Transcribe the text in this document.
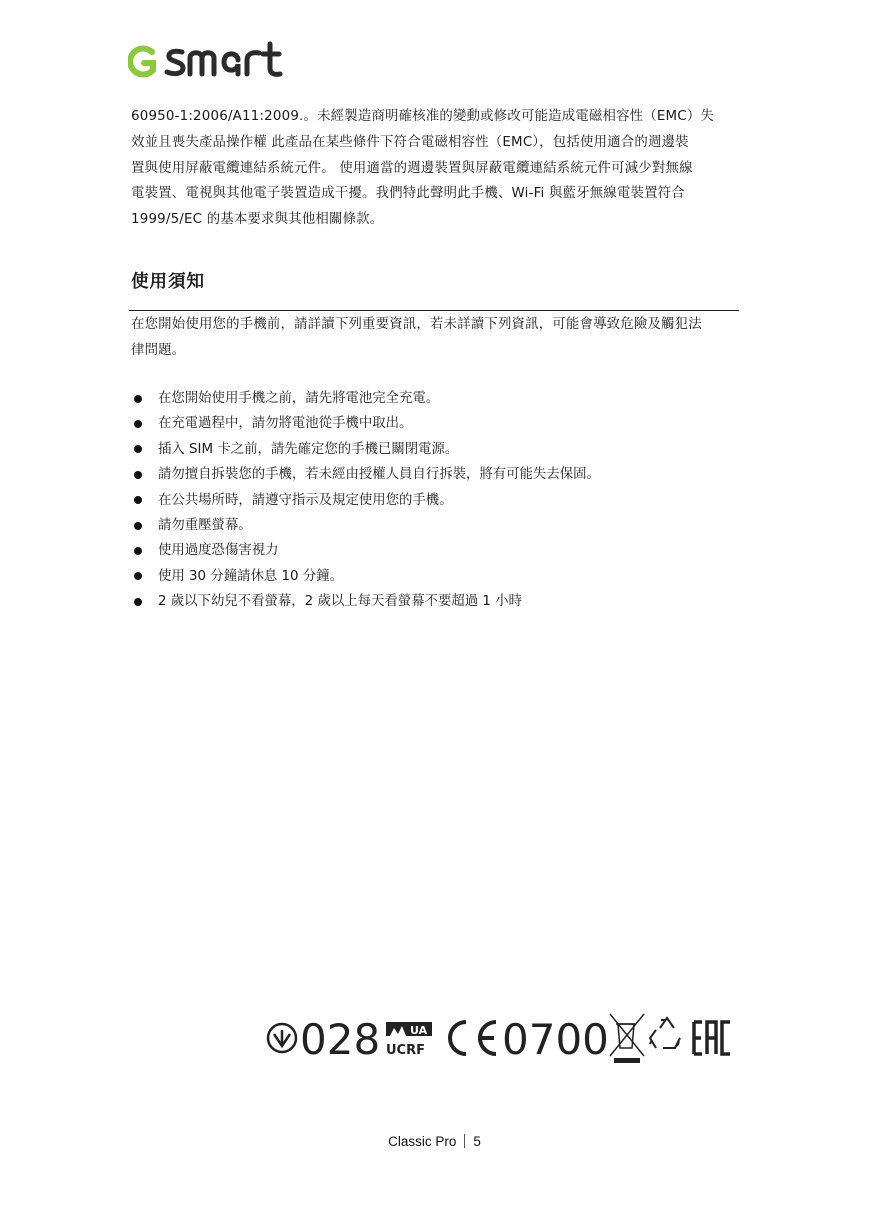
60950-1:2006/A11:2009.。未經製造商明確核准的變動或修改可能造成電磁相容性（EMC）失
效並且喪失產品操作權 此產品在某些條件下符合電磁相容性（EMC），包括使用適合的週邊裝
置與使用屏蔽電纜連結系統元件。 使用適當的週邊裝置與屏蔽電纜連結系統元件可減少對無線
電裝置、電視與其他電子裝置造成干擾。我們特此聲明此手機、Wi-Fi 與藍牙無線電裝置符合
1999/5/EC 的基本要求與其他相關條款。
使用須知
在您開始使用您的手機前，請詳讀下列重要資訊，若未詳讀下列資訊，可能會導致危險及觸犯法
律問題。
在您開始使用手機之前，請先將電池完全充電。
在充電過程中，請勿將電池從手機中取出。
插入 SIM 卡之前，請先確定您的手機已關閉電源。
請勿擅自拆裝您的手機，若未經由授權人員自行拆裝，將有可能失去保固。
在公共場所時，請遵守指示及規定使用您的手機。
請勿重壓螢幕。
使用過度恐傷害視力
使用 30 分鐘請休息 10 分鐘。
2 歲以下幼兒不看螢幕，2 歲以上每天看螢幕不要超過 1 小時
028	UA
UCRF 0700
Classic Pro 5
